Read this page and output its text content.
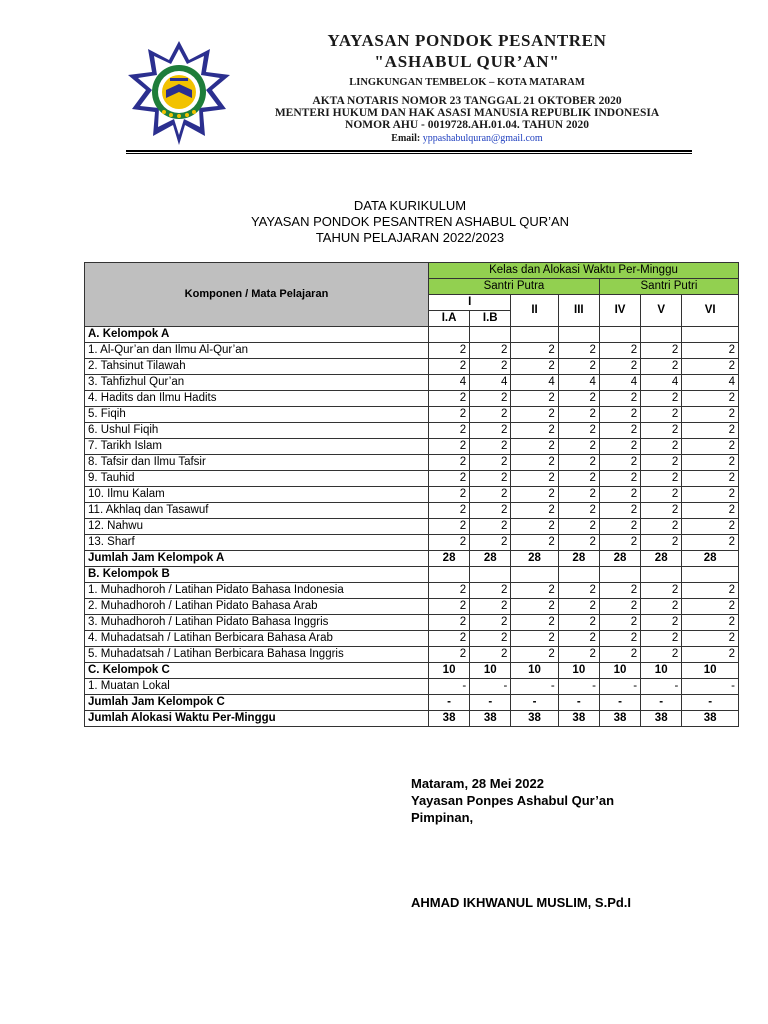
YAYASAN PONDOK PESANTREN
"ASHABUL QUR’AN"
LINGKUNGAN TEMBELOK – KOTA MATARAM
AKTA NOTARIS NOMOR 23 TANGGAL 21 OKTOBER 2020
MENTERI HUKUM DAN HAK ASASI MANUSIA REPUBLIK INDONESIA
NOMOR AHU - 0019728.AH.01.04. TAHUN 2020
Email: yppashabulquran@gmail.com
DATA KURIKULUM
YAYASAN PONDOK PESANTREN ASHABUL QUR’AN
TAHUN PELAJARAN 2022/2023
Komponen / Mata Pelajaran	Kelas dan Alokasi Waktu Per-Minggu						
	Santri Putra				Santri Putri		
	I		II	III	IV	V	VI
	I.A	I.B					
A. Kelompok A							
1. Al-Qur’an dan Ilmu Al-Qur’an	2	2	2	2	2	2	2
2. Tahsinut Tilawah	2	2	2	2	2	2	2
3. Tahfizhul Qur’an	4	4	4	4	4	4	4
4. Hadits dan Ilmu Hadits	2	2	2	2	2	2	2
5. Fiqih	2	2	2	2	2	2	2
6. Ushul Fiqih	2	2	2	2	2	2	2
7. Tarikh Islam	2	2	2	2	2	2	2
8. Tafsir dan Ilmu Tafsir	2	2	2	2	2	2	2
9. Tauhid	2	2	2	2	2	2	2
10. Ilmu Kalam	2	2	2	2	2	2	2
11. Akhlaq dan Tasawuf	2	2	2	2	2	2	2
12. Nahwu	2	2	2	2	2	2	2
13. Sharf	2	2	2	2	2	2	2
Jumlah Jam Kelompok A	28	28	28	28	28	28	28
B. Kelompok B							
1. Muhadhoroh / Latihan Pidato Bahasa Indonesia	2	2	2	2	2	2	2
2. Muhadhoroh / Latihan Pidato Bahasa Arab	2	2	2	2	2	2	2
3. Muhadhoroh / Latihan Pidato Bahasa Inggris	2	2	2	2	2	2	2
4. Muhadatsah / Latihan Berbicara Bahasa Arab	2	2	2	2	2	2	2
5. Muhadatsah / Latihan Berbicara Bahasa Inggris	2	2	2	2	2	2	2
C. Kelompok C	10	10	10	10	10	10	10
1. Muatan Lokal	-	-	-	-	-	-	-
Jumlah Jam Kelompok C	-	-	-	-	-	-	-
Jumlah Alokasi Waktu Per-Minggu	38	38	38	38	38	38	38
Mataram, 28 Mei 2022
Yayasan Ponpes Ashabul Qur’an
Pimpinan,
AHMAD IKHWANUL MUSLIM, S.Pd.I
